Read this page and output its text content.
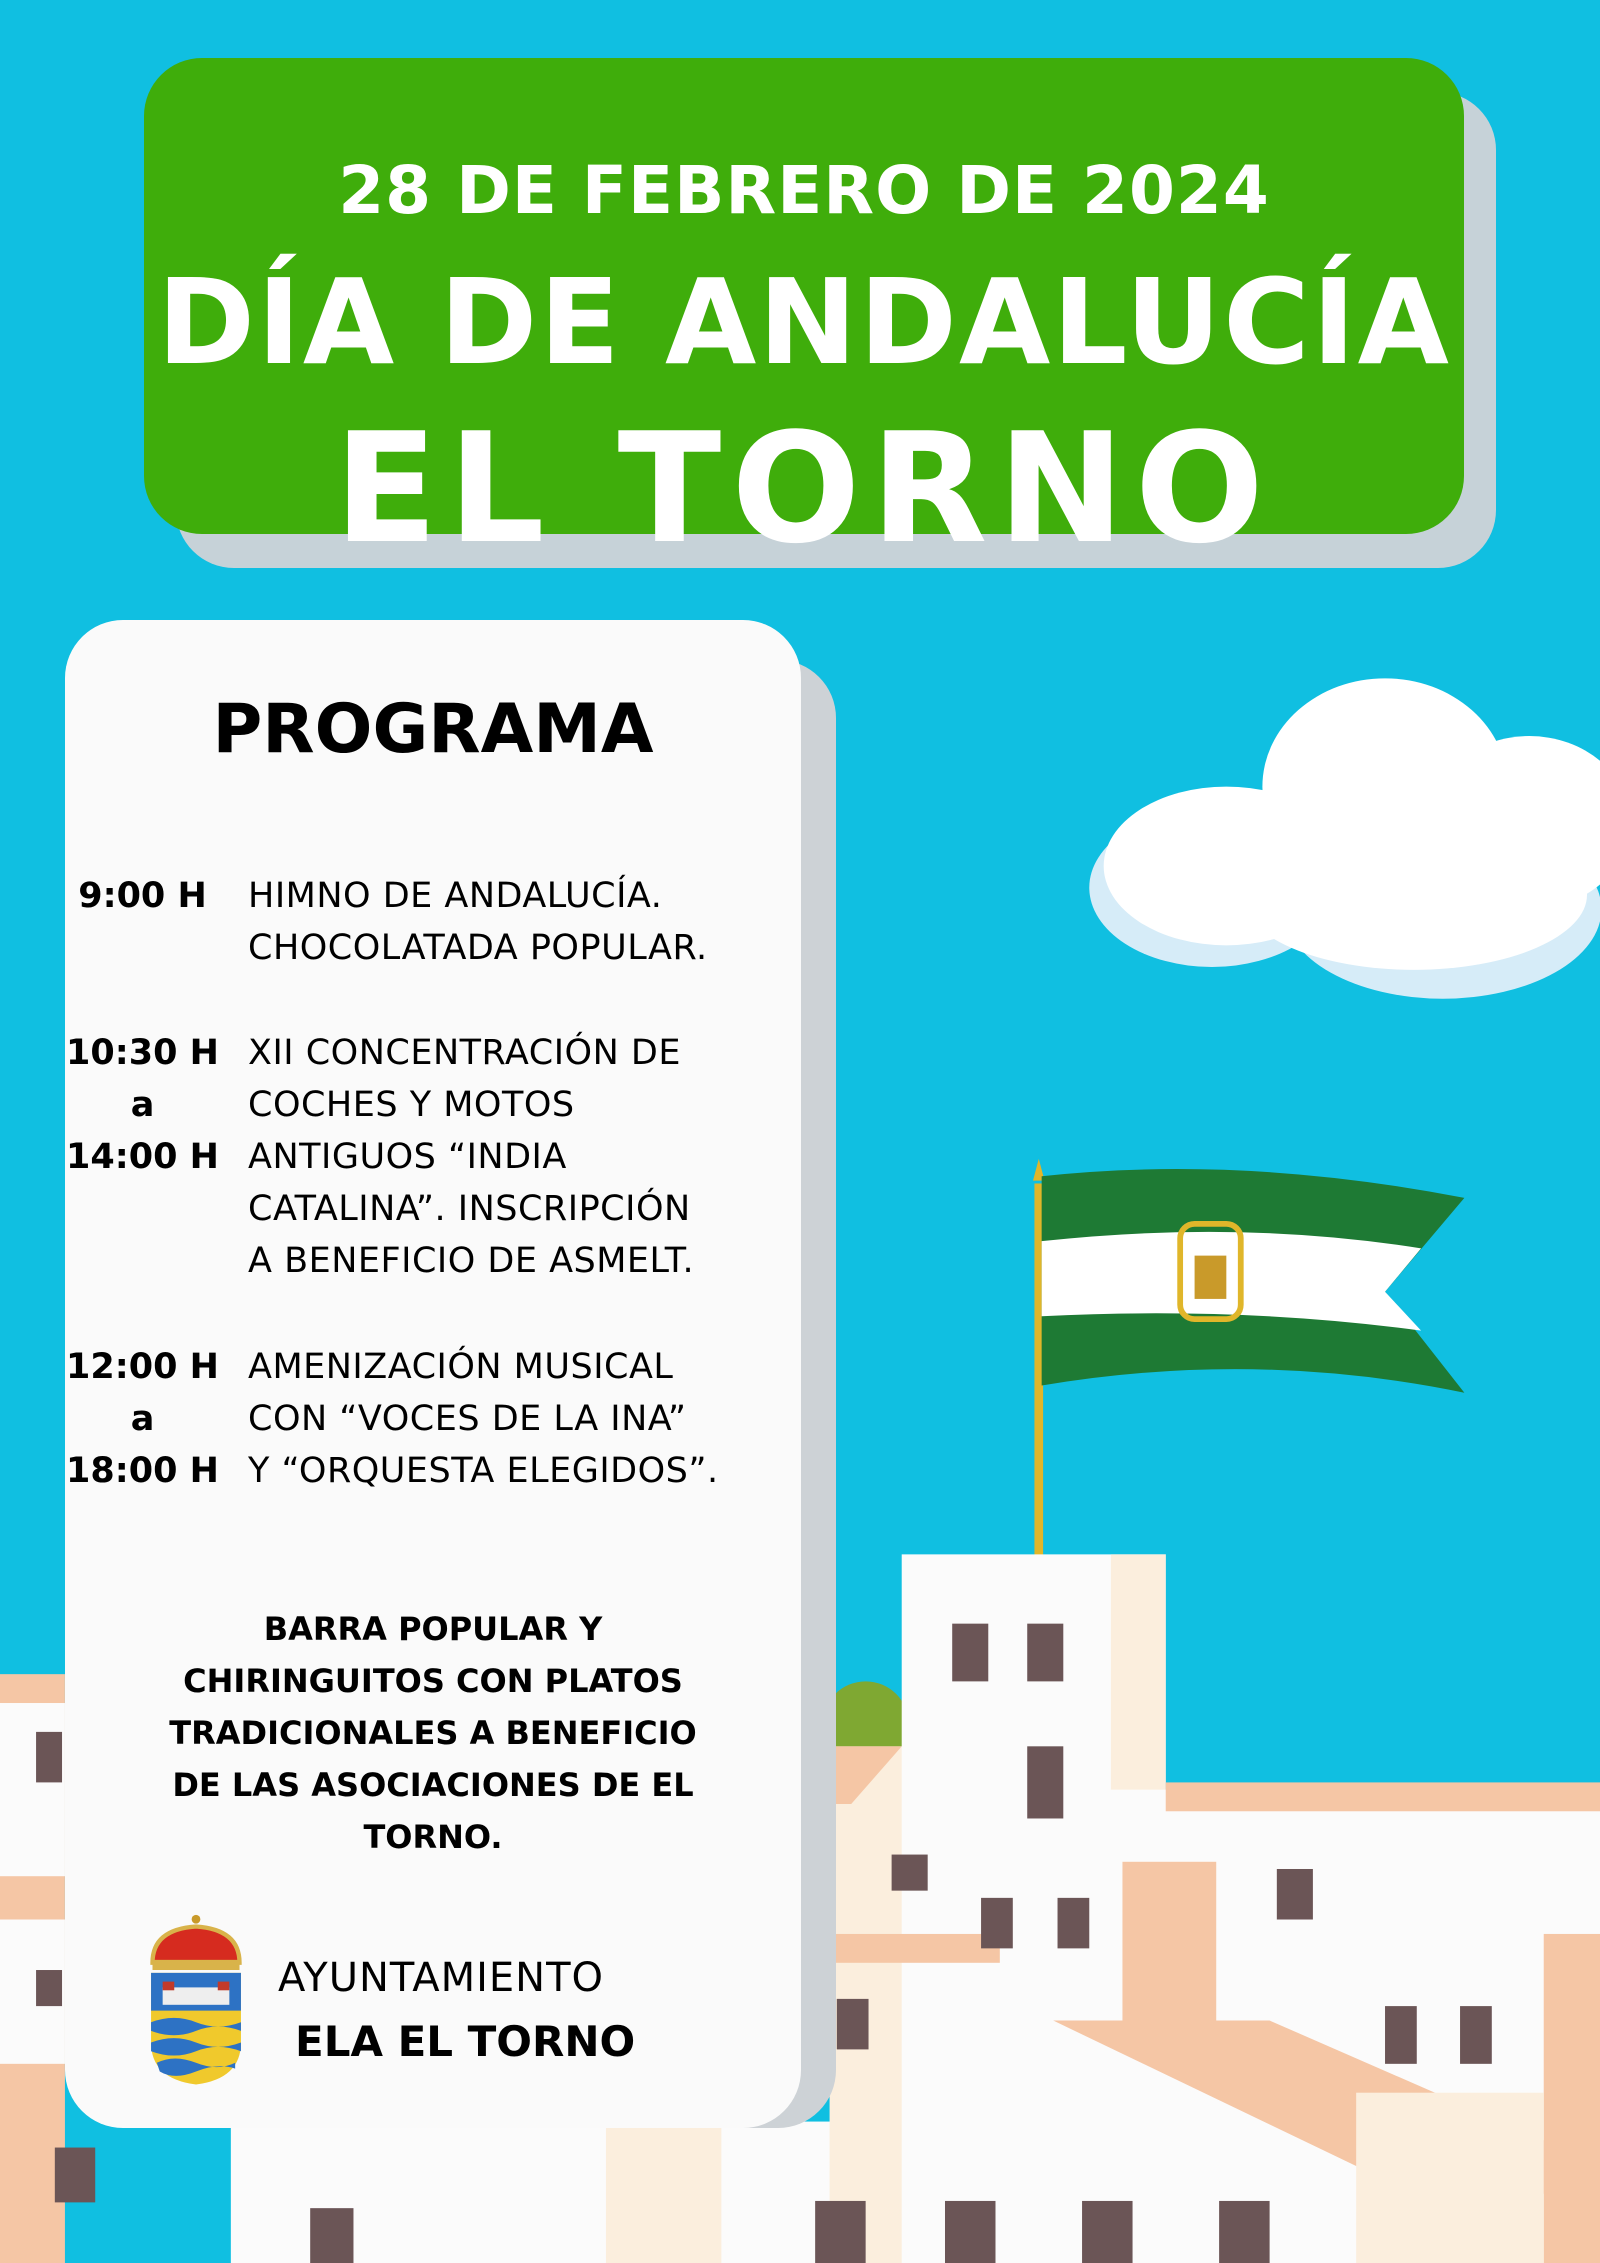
28 DE FEBRERO DE 2024
DÍA DE ANDALUCÍA
EL TORNO
PROGRAMA
9:00 H	HIMNO DE ANDALUCÍA.
CHOCOLATADA POPULAR.
10:30 H XII CONCENTRACIÓN DE
a	COCHES Y MOTOS
14:00 H ANTIGUOS “INDIA
CATALINA”. INSCRIPCIÓN
A BENEFICIO DE ASMELT.
12:00 H AMENIZACIÓN MUSICAL
a	CON “VOCES DE LA INA”
18:00 H Y “ORQUESTA ELEGIDOS”.
BARRA POPULAR Y
CHIRINGUITOS CON PLATOS
TRADICIONALES A BENEFICIO
DE LAS ASOCIACIONES DE EL
TORNO.
AYUNTAMIENTO
ELA EL TORNO
